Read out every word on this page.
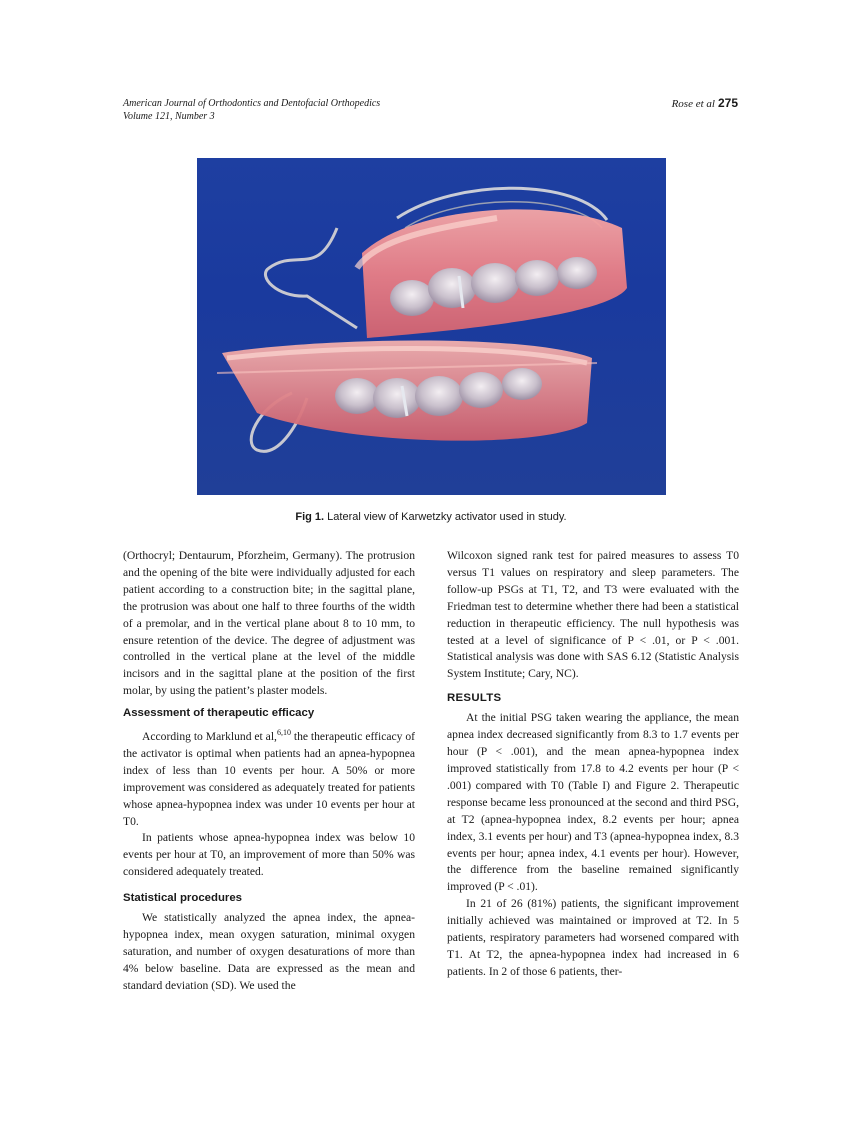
American Journal of Orthodontics and Dentofacial Orthopedics
Volume 121, Number 3
Rose et al 275
Fig 1. Lateral view of Karwetzky activator used in study.

(Orthocryl; Dentaurum, Pforzheim, Germany). The protrusion and the opening of the bite were individually adjusted for each patient according to a construction bite; in the sagittal plane, the protrusion was about one half to three fourths of the width of a premolar, and in the vertical plane about 8 to 10 mm, to ensure retention of the device. The degree of adjustment was controlled in the vertical plane at the level of the middle incisors and in the sagittal plane at the position of the first molar, by using the patient’s plaster models.

Assessment of therapeutic efficacy

According to Marklund et al,$^{6,10}$ the therapeutic efficacy of the activator is optimal when patients had an apnea-hypopnea index of less than 10 events per hour. A 50% or more improvement was considered as adequately treated for patients whose apnea-hypopnea index was under 10 events per hour at T0.

In patients whose apnea-hypopnea index was below 10 events per hour at T0, an improvement of more than 50% was considered adequately treated.

Statistical procedures

We statistically analyzed the apnea index, the apnea-hypopnea index, mean oxygen saturation, minimal oxygen saturation, and number of oxygen desaturations of more than 4% below baseline. Data are expressed as the mean and standard deviation (SD). We used the

Wilcoxon signed rank test for paired measures to assess T0 versus T1 values on respiratory and sleep parameters. The follow-up PSGs at T1, T2, and T3 were evaluated with the Friedman test to determine whether there had been a statistical reduction in therapeutic efficiency. The null hypothesis was tested at a level of significance of P < .01, or P < .001. Statistical analysis was done with SAS 6.12 (Statistic Analysis System Institute; Cary, NC).

RESULTS

At the initial PSG taken wearing the appliance, the mean apnea index decreased significantly from 8.3 to 1.7 events per hour (P < .001), and the mean apnea-hypopnea index improved statistically from 17.8 to 4.2 events per hour (P < .001) compared with T0 (Table I) and Figure 2. Therapeutic response became less pronounced at the second and third PSG, at T2 (apnea-hypopnea index, 8.2 events per hour; apnea index, 3.1 events per hour) and T3 (apnea-hypopnea index, 8.3 events per hour; apnea index, 4.1 events per hour). However, the difference from the baseline remained significantly improved (P < .01).

In 21 of 26 (81%) patients, the significant improvement initially achieved was maintained or improved at T2. In 5 patients, respiratory parameters had worsened compared with T1. At T2, the apnea-hypopnea index had increased in 6 patients. In 2 of those 6 patients, ther-
